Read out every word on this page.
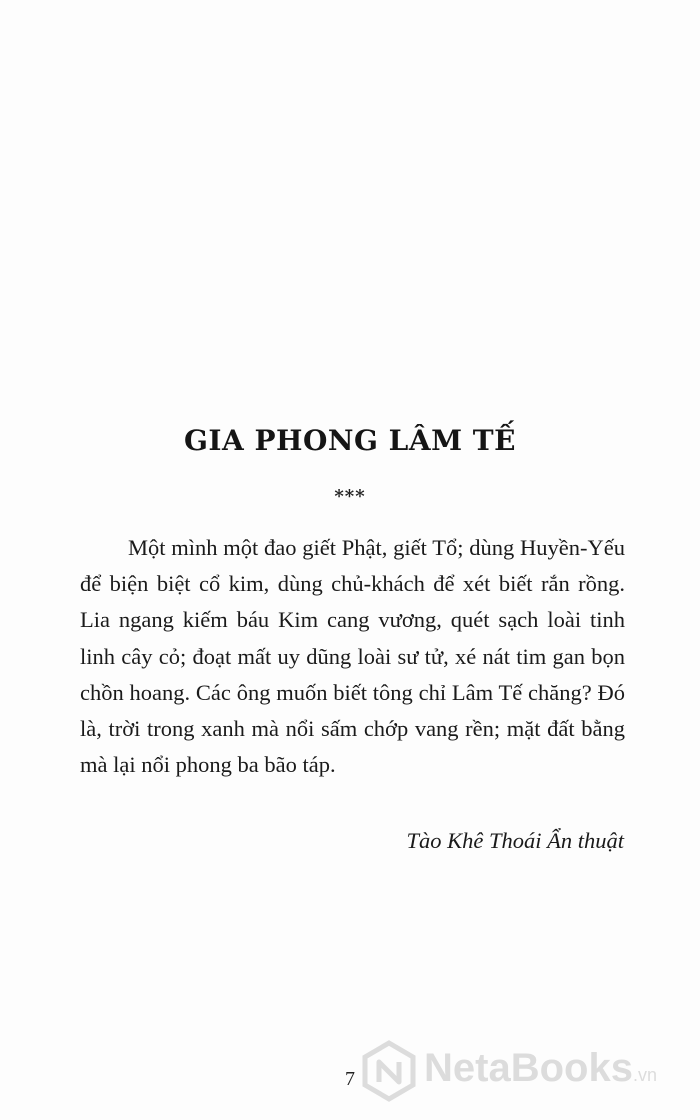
GIA PHONG LÂM TẾ
***

Một mình một đao giết Phật, giết Tổ; dùng Huyền-Yếu để biện biệt cổ kim, dùng chủ-khách để xét biết rắn rồng. Lia ngang kiếm báu Kim cang vương, quét sạch loài tinh linh cây cỏ; đoạt mất uy dũng loài sư tử, xé nát tim gan bọn chồn hoang. Các ông muốn biết tông chỉ Lâm Tế chăng? Đó là, trời trong xanh mà nổi sấm chớp vang rền; mặt đất bằng mà lại nổi phong ba bão táp.

Tào Khê Thoái Ẩn thuật
NetaBooks.vn
7
